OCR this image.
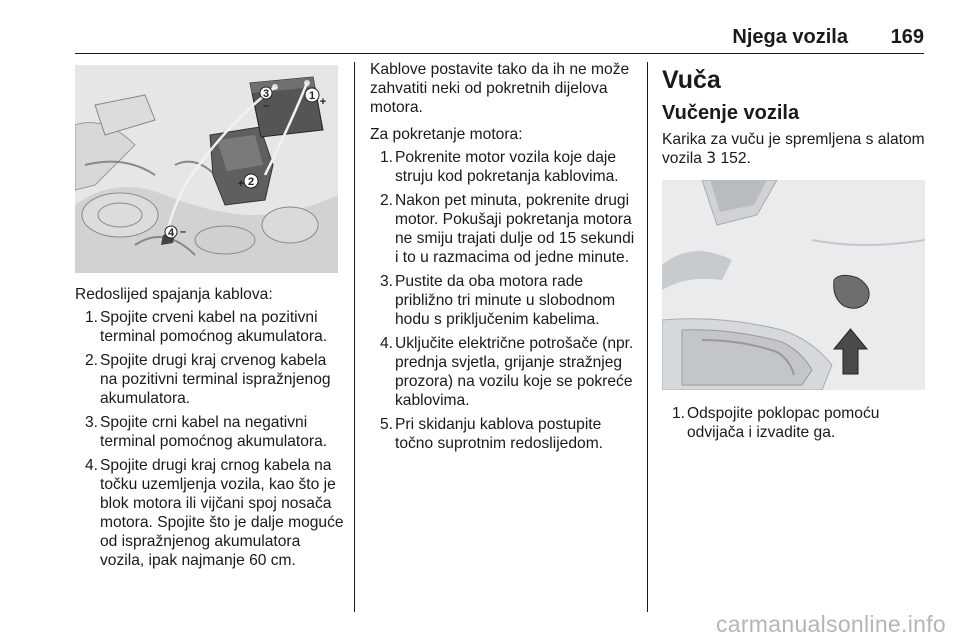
Njega vozila 169
1 +
2
+
3
–
4 –

Redoslijed spajanja kablova:

1. Spojite crveni kabel na pozitivni terminal pomoćnog akumulatora.
2. Spojite drugi kraj crvenog kabela na pozitivni terminal ispražnjenog akumulatora.
3. Spojite crni kabel na negativni terminal pomoćnog akumulatora.
4. Spojite drugi kraj crnog kabela na točku uzemljenja vozila, kao što je blok motora ili vijčani spoj nosača motora. Spojite što je dalje moguće od ispražnjenog akumulatora vozila, ipak najmanje 60 cm.

Kablove postavite tako da ih ne može zahvatiti neki od pokretnih dijelova motora.

Za pokretanje motora:

1. Pokrenite motor vozila koje daje struju kod pokretanja kablovima.
2. Nakon pet minuta, pokrenite drugi motor. Pokušaji pokretanja motora ne smiju trajati dulje od 15 sekundi i to u razmacima od jedne minute.
3. Pustite da oba motora rade približno tri minute u slobodnom hodu s priključenim kabelima.
4. Uključite električne potrošače (npr. prednja svjetla, grijanje stražnjeg prozora) na vozilu koje se pokreće kablovima.
5. Pri skidanju kablova postupite točno suprotnim redoslijedom.
Vuča
Vučenje vozila

Karika za vuču je spremljena s alatom vozila 3 152.

1. Odspojite poklopac pomoću odvijača i izvadite ga.
carmanualsonline.info
